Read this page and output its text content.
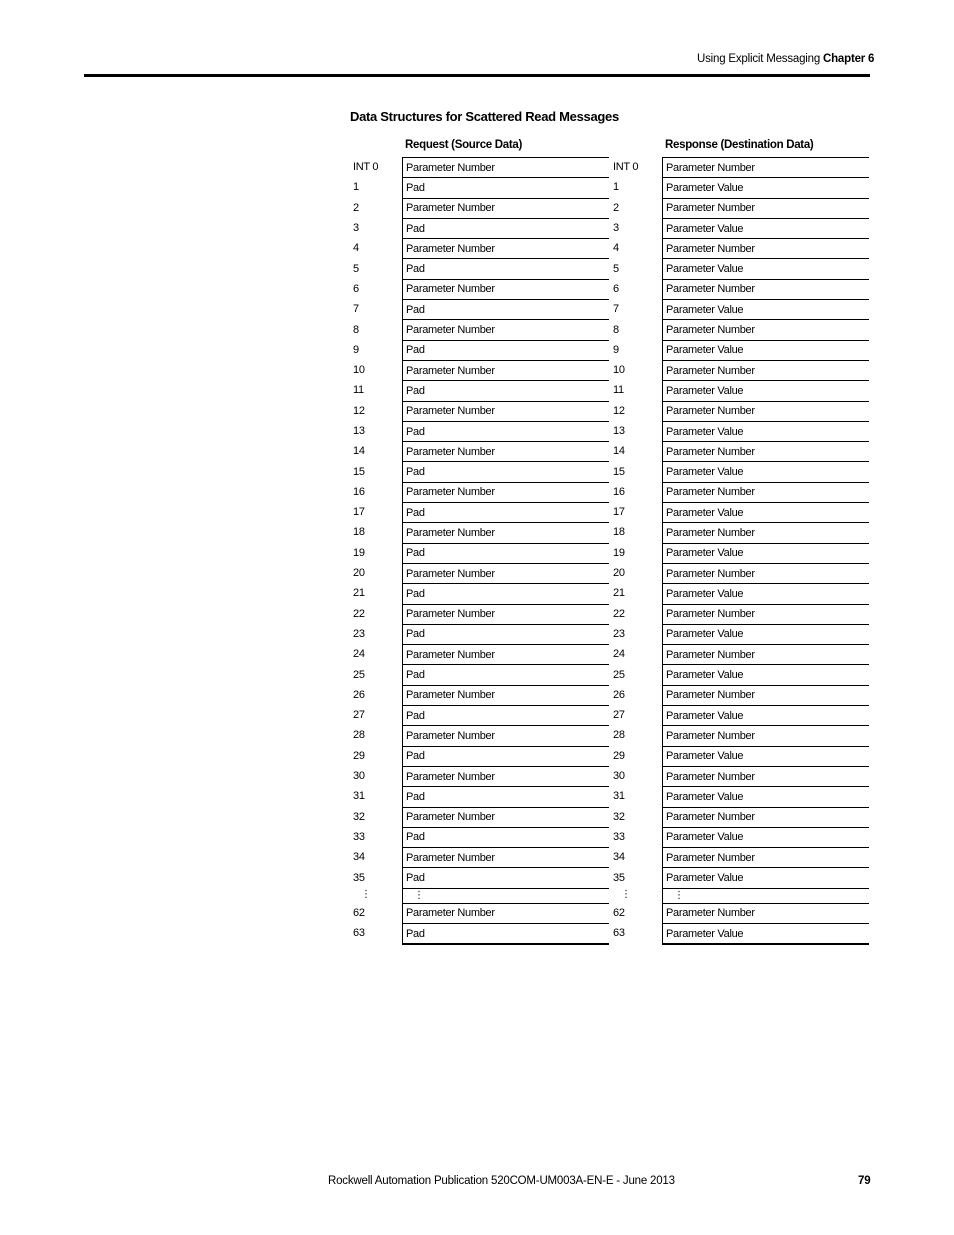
Using Explicit Messaging Chapter 6
Data Structures for Scattered Read Messages
Request (Source Data)	Response (Destination Data)
INT 0	Parameter Number
1	Pad
2	Parameter Number
3	Pad
4	Parameter Number
5	Pad
6	Parameter Number
7	Pad
8	Parameter Number
9	Pad
10	Parameter Number
11	Pad
12	Parameter Number
13	Pad
14	Parameter Number
15	Pad
16	Parameter Number
17	Pad
18	Parameter Number
19	Pad
20	Parameter Number
21	Pad
22	Parameter Number
23	Pad
24	Parameter Number
25	Pad
26	Parameter Number
27	Pad
28	Parameter Number
29	Pad
30	Parameter Number
31	Pad
32	Parameter Number
33	Pad
34	Parameter Number
35	Pad
⋮	⋮
62	Parameter Number
63	Pad
INT 0	Parameter Number
1	Parameter Value
2	Parameter Number
3	Parameter Value
4	Parameter Number
5	Parameter Value
6	Parameter Number
7	Parameter Value
8	Parameter Number
9	Parameter Value
10	Parameter Number
11	Parameter Value
12	Parameter Number
13	Parameter Value
14	Parameter Number
15	Parameter Value
16	Parameter Number
17	Parameter Value
18	Parameter Number
19	Parameter Value
20	Parameter Number
21	Parameter Value
22	Parameter Number
23	Parameter Value
24	Parameter Number
25	Parameter Value
26	Parameter Number
27	Parameter Value
28	Parameter Number
29	Parameter Value
30	Parameter Number
31	Parameter Value
32	Parameter Number
33	Parameter Value
34	Parameter Number
35	Parameter Value
⋮	⋮
62	Parameter Number
63	Parameter Value
Rockwell Automation Publication 520COM-UM003A-EN-E - June 2013	79
